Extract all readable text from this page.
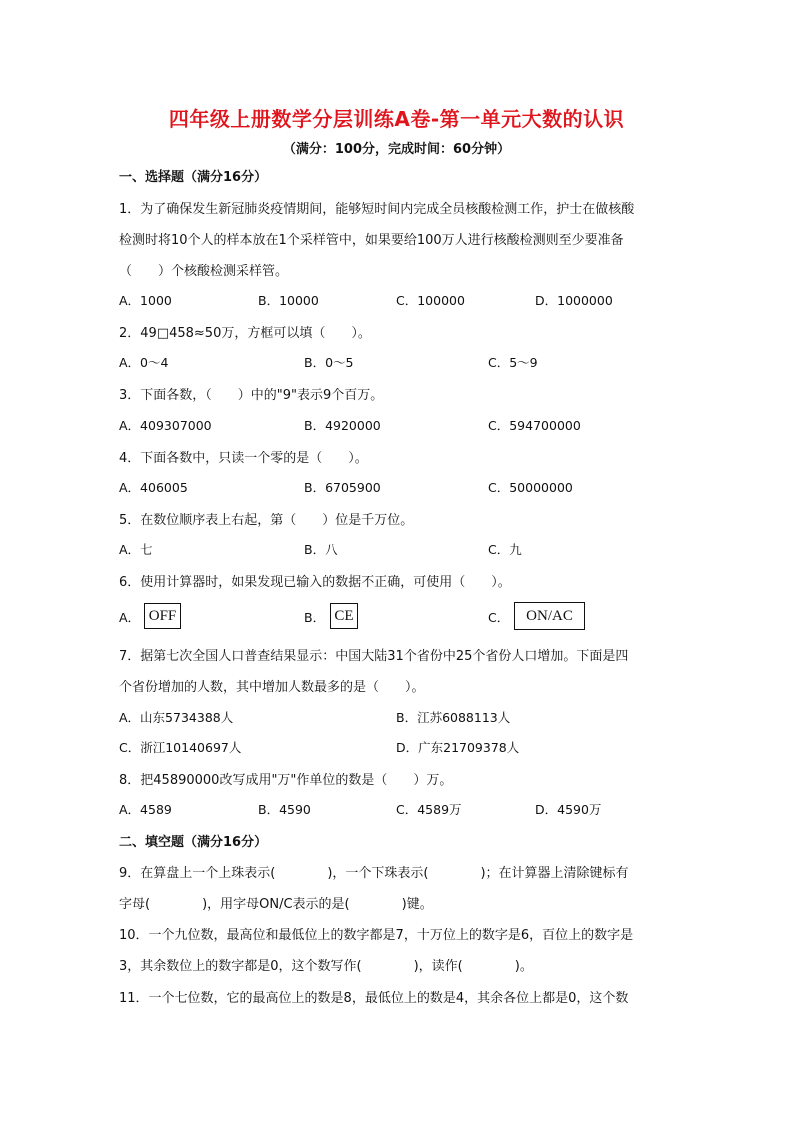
四年级上册数学分层训练A卷-第一单元大数的认识
（满分：100分，完成时间：60分钟）
一、选择题（满分16分）
1．为了确保发生新冠肺炎疫情期间，能够短时间内完成全员核酸检测工作，护士在做核酸
检测时将10个人的样本放在1个采样管中，如果要给100万人进行核酸检测则至少要准备
（　　）个核酸检测采样管。
A．1000	B．10000	C．100000	D．1000000
2．49□458≈50万，方框可以填（　　）。
A．0～4	B．0～5	C．5～9
3．下面各数，（　　）中的"9"表示9个百万。
A．409307000	B．4920000	C．594700000
4．下面各数中，只读一个零的是（　　）。
A．406005	B．6705900	C．50000000
5．在数位顺序表上右起，第（　　）位是千万位。
A．七	B．八	C．九
6．使用计算器时，如果发现已输入的数据不正确，可使用（　　）。
A． OFF	B． CE	C．	ON/AC
7．据第七次全国人口普查结果显示：中国大陆31个省份中25个省份人口增加。下面是四
个省份增加的人数，其中增加人数最多的是（　　）。
A．山东5734388人	B．江苏6088113人
C．浙江10140697人	D．广东21709378人
8．把45890000改写成用"万"作单位的数是（　　）万。
A．4589	B．4590	C．4589万	D．4590万
二、填空题（满分16分）
9．在算盘上一个上珠表示(　　　　)，一个下珠表示(　　　　)；在计算器上清除键标有
字母(　　　　)，用字母ON/C表示的是(　　　　)键。
10．一个九位数，最高位和最低位上的数字都是7，十万位上的数字是6，百位上的数字是
3，其余数位上的数字都是0，这个数写作(　　　　)，读作(　　　　)。
11．一个七位数，它的最高位上的数是8，最低位上的数是4，其余各位上都是0，这个数
